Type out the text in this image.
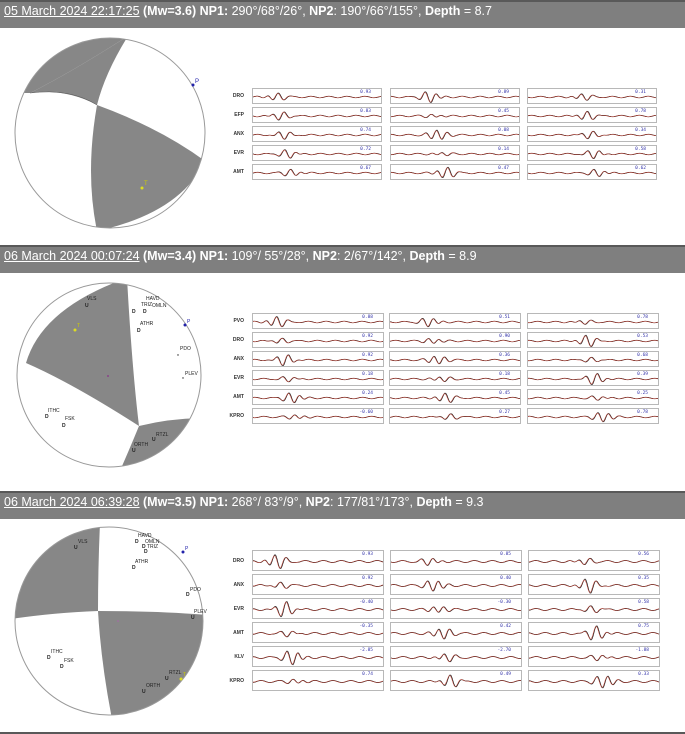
05 March 2024 22:17:25 (Mw=3.6) NP1: 290°/68°/26°, NP2: 190°/66°/155°, Depth = 8.7
P
T
DRO
0.93	0.89	0.31
EFP
0.83	0.45	0.78
ANX
0.74	0.08	0.34
EVR
0.72	0.14	0.58
AMT
0.67	0.47	0.62
06 March 2024 00:07:24 (Mw=3.4) NP1: 109°/ 55°/28°, NP2: 2/67°/142°, Depth = 8.9
VLS
U
HAVD
TRIZ OMLN
D D
ATHR
D
PDO
PLEV
ITHC
D	FSK
D
RTZL
U
ORTH
U
P
T
PVO
0.88	0.51	0.78
DRO
0.92	0.90	0.53
ANX
0.92	0.36	0.68
EVR
0.18	0.18	0.39
AMT
0.24	0.45	0.25
KPRO
-0.60	0.27	0.78
06 March 2024 06:39:28 (Mw=3.5) NP1: 268°/ 83°/9°, NP2: 177/81°/173°, Depth = 9.3
VLS
U
HAVD
D OMLN
D TRIZ
D
ATHR
D
PDO
D
PLEV
U
ITHC
D	FSK
D
RTZL
U
ORTH
U
P
T
DRO
0.93	0.85	0.56
ANX
0.92	0.40	0.35
EVR
-0.40	-0.30	0.58
AMT
-0.35	0.42	0.75
KLV
-2.85	-2.70	-1.88
KPRO
0.74	0.49	0.33
